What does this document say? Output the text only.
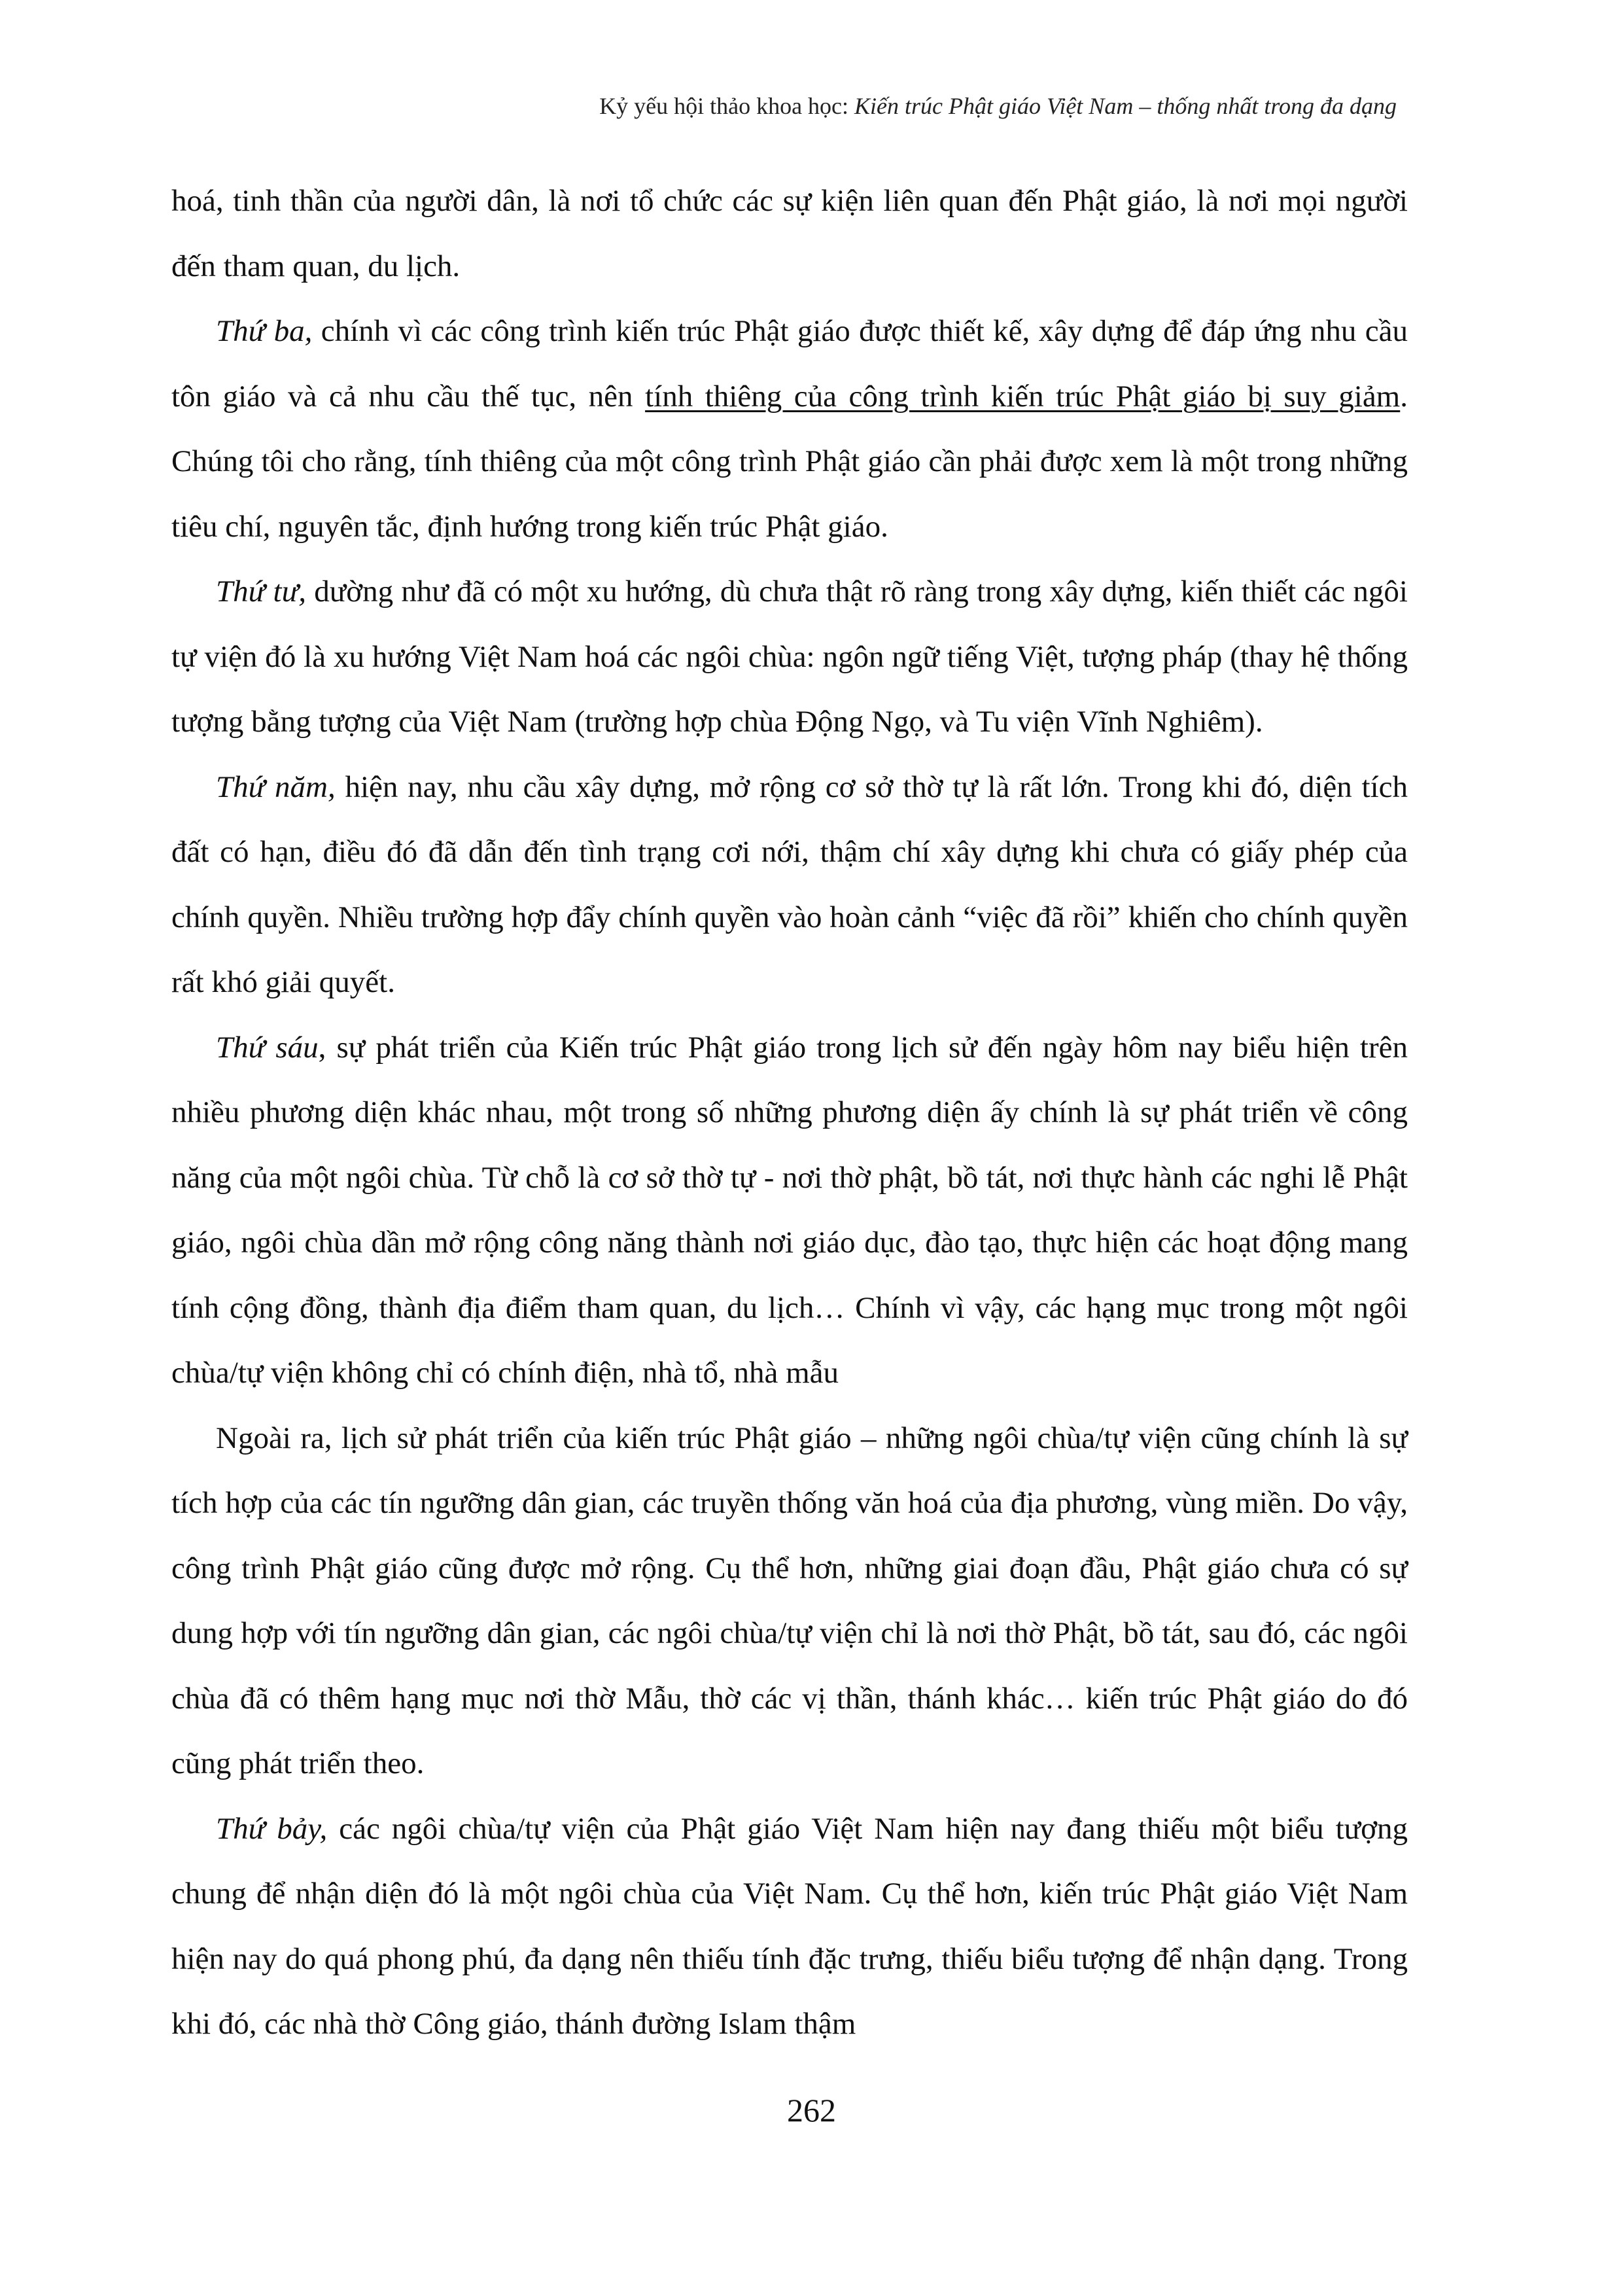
Kỷ yếu hội thảo khoa học: Kiến trúc Phật giáo Việt Nam – thống nhất trong đa dạng

hoá, tinh thần của người dân, là nơi tổ chức các sự kiện liên quan đến Phật giáo, là nơi mọi người đến tham quan, du lịch.

Thứ ba, chính vì các công trình kiến trúc Phật giáo được thiết kế, xây dựng để đáp ứng nhu cầu tôn giáo và cả nhu cầu thế tục, nên tính thiêng của công trình kiến trúc Phật giáo bị suy giảm. Chúng tôi cho rằng, tính thiêng của một công trình Phật giáo cần phải được xem là một trong những tiêu chí, nguyên tắc, định hướng trong kiến trúc Phật giáo.

Thứ tư, dường như đã có một xu hướng, dù chưa thật rõ ràng trong xây dựng, kiến thiết các ngôi tự viện đó là xu hướng Việt Nam hoá các ngôi chùa: ngôn ngữ tiếng Việt, tượng pháp (thay hệ thống tượng bằng tượng của Việt Nam (trường hợp chùa Động Ngọ, và Tu viện Vĩnh Nghiêm).

Thứ năm, hiện nay, nhu cầu xây dựng, mở rộng cơ sở thờ tự là rất lớn. Trong khi đó, diện tích đất có hạn, điều đó đã dẫn đến tình trạng cơi nới, thậm chí xây dựng khi chưa có giấy phép của chính quyền. Nhiều trường hợp đẩy chính quyền vào hoàn cảnh “việc đã rồi” khiến cho chính quyền rất khó giải quyết.

Thứ sáu, sự phát triển của Kiến trúc Phật giáo trong lịch sử đến ngày hôm nay biểu hiện trên nhiều phương diện khác nhau, một trong số những phương diện ấy chính là sự phát triển về công năng của một ngôi chùa. Từ chỗ là cơ sở thờ tự - nơi thờ phật, bồ tát, nơi thực hành các nghi lễ Phật giáo, ngôi chùa dần mở rộng công năng thành nơi giáo dục, đào tạo, thực hiện các hoạt động mang tính cộng đồng, thành địa điểm tham quan, du lịch… Chính vì vậy, các hạng mục trong một ngôi chùa/tự viện không chỉ có chính điện, nhà tổ, nhà mẫu

Ngoài ra, lịch sử phát triển của kiến trúc Phật giáo – những ngôi chùa/tự viện cũng chính là sự tích hợp của các tín ngưỡng dân gian, các truyền thống văn hoá của địa phương, vùng miền. Do vậy, công trình Phật giáo cũng được mở rộng. Cụ thể hơn, những giai đoạn đầu, Phật giáo chưa có sự dung hợp với tín ngưỡng dân gian, các ngôi chùa/tự viện chỉ là nơi thờ Phật, bồ tát, sau đó, các ngôi chùa đã có thêm hạng mục nơi thờ Mẫu, thờ các vị thần, thánh khác… kiến trúc Phật giáo do đó cũng phát triển theo.

Thứ bảy, các ngôi chùa/tự viện của Phật giáo Việt Nam hiện nay đang thiếu một biểu tượng chung để nhận diện đó là một ngôi chùa của Việt Nam. Cụ thể hơn, kiến trúc Phật giáo Việt Nam hiện nay do quá phong phú, đa dạng nên thiếu tính đặc trưng, thiếu biểu tượng để nhận dạng. Trong khi đó, các nhà thờ Công giáo, thánh đường Islam thậm

262
